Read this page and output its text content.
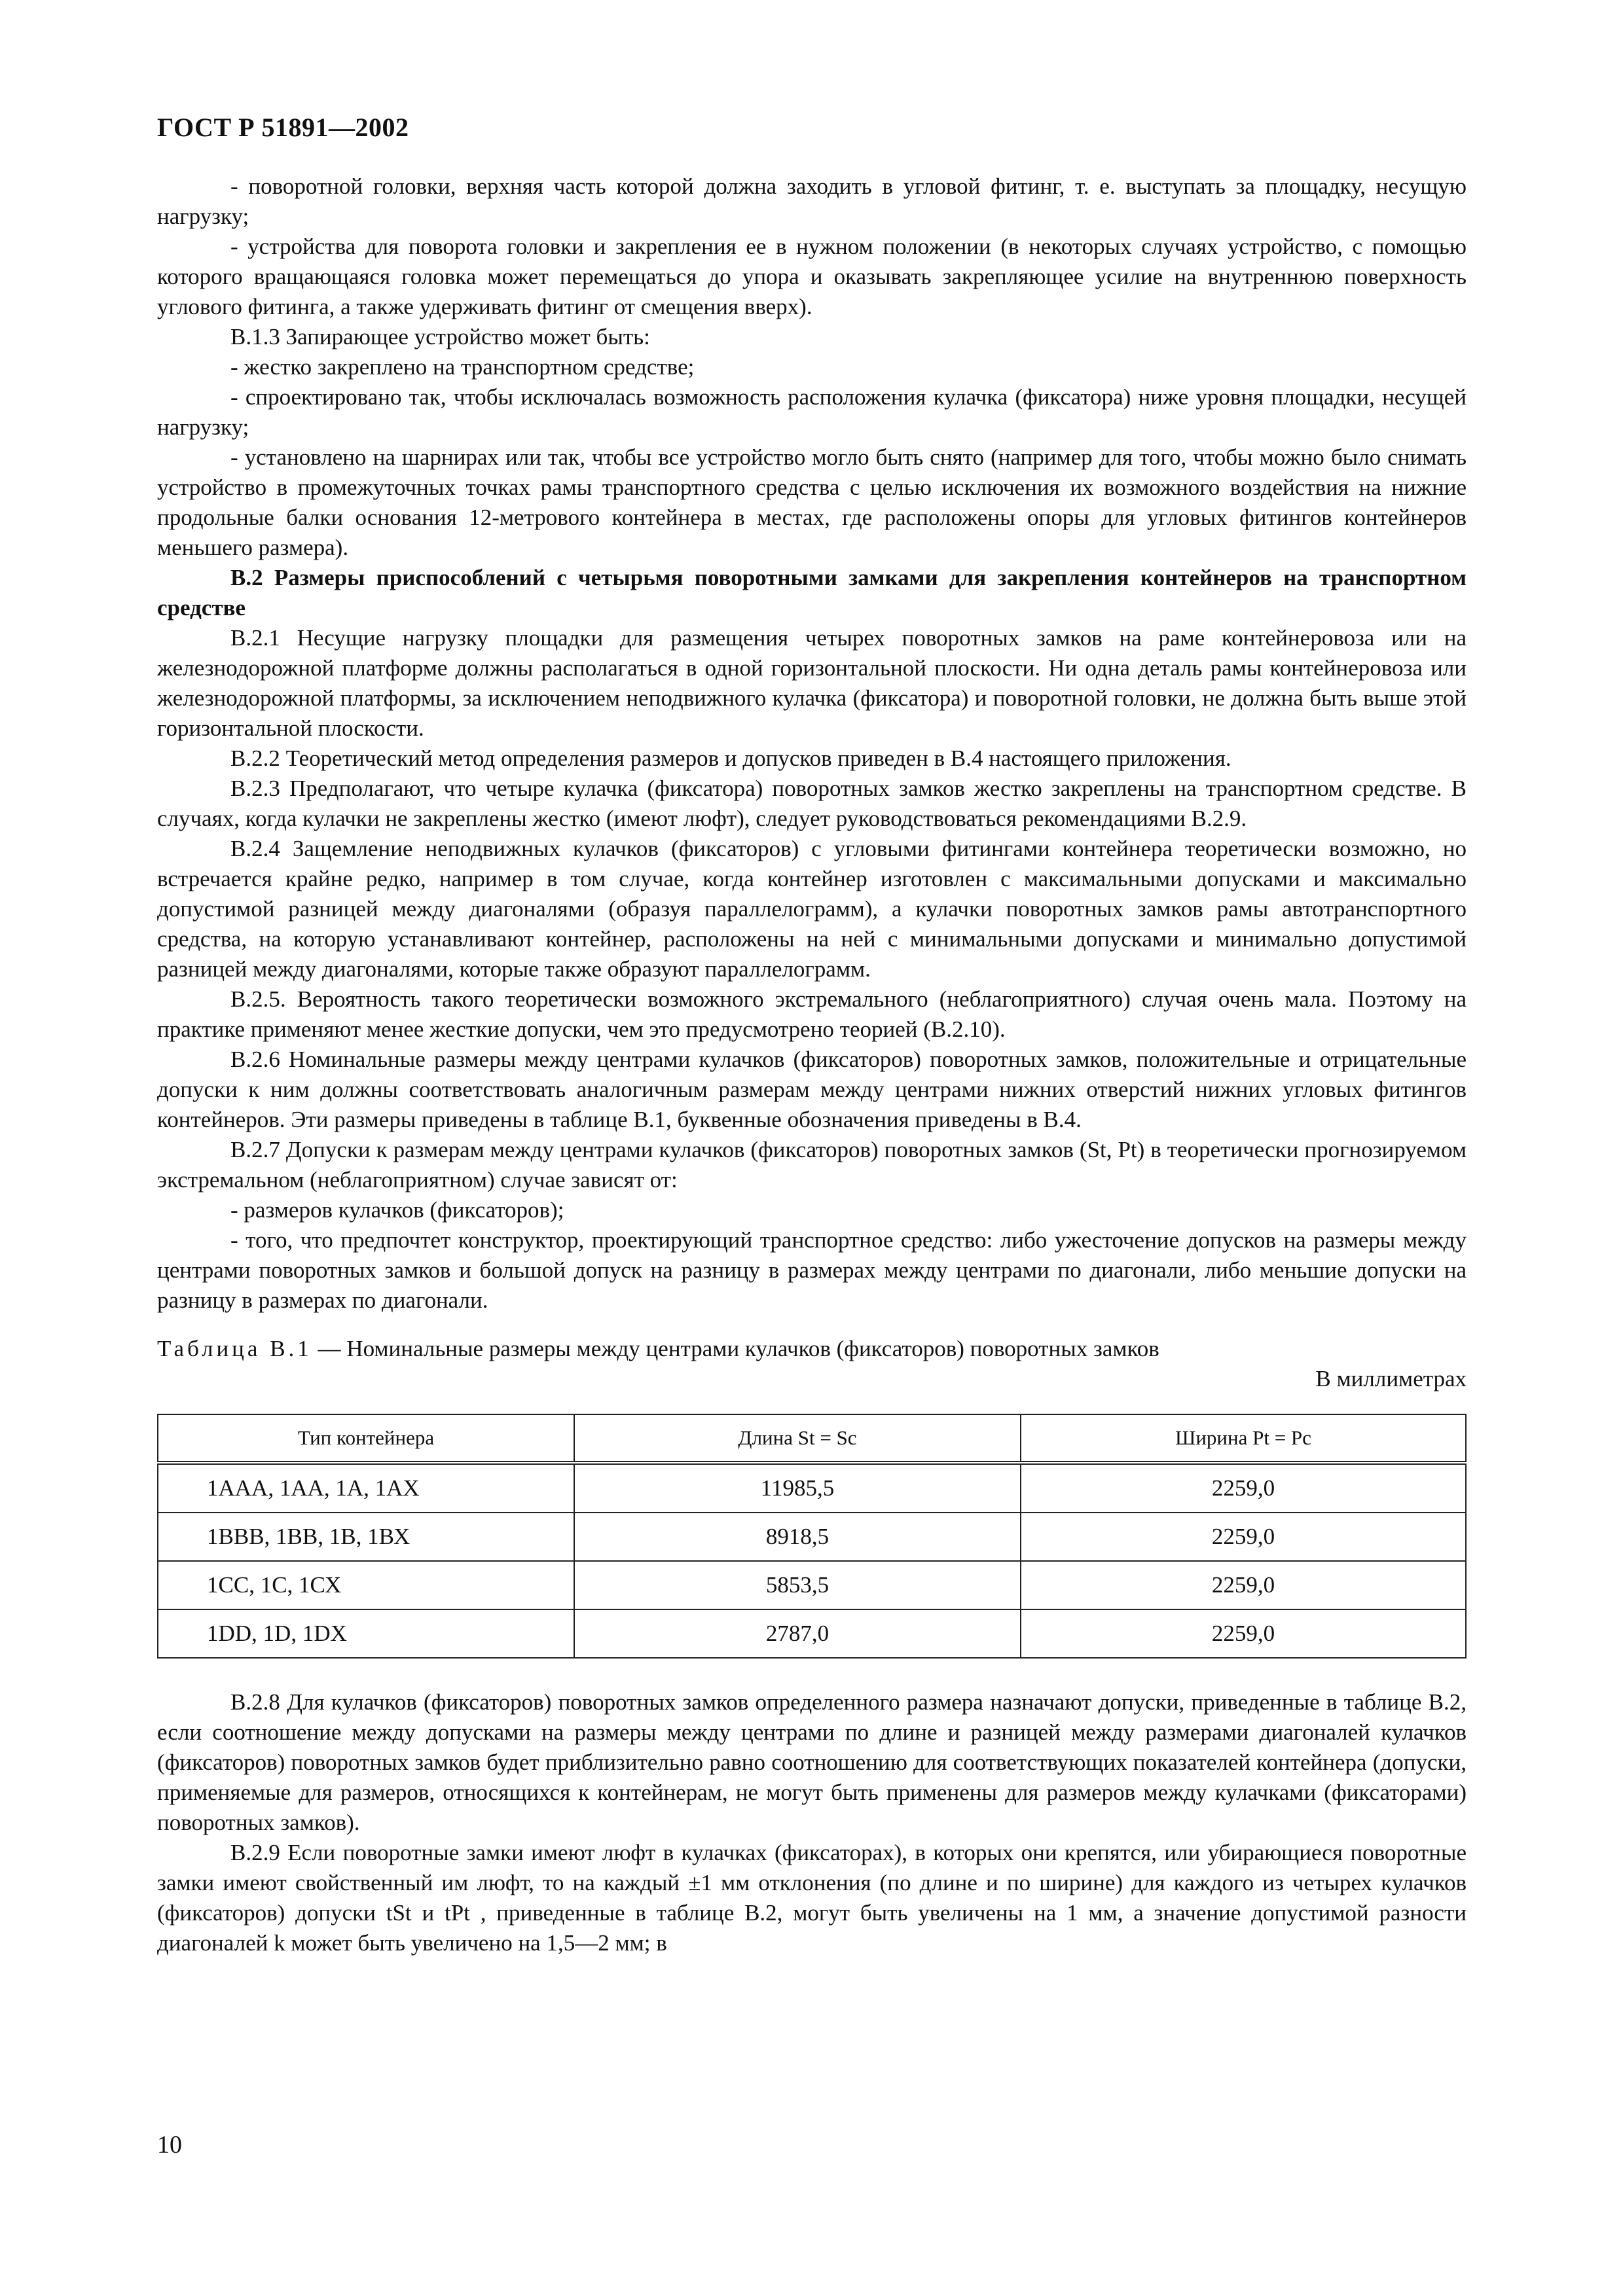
ГОСТ Р 51891—2002

- поворотной головки, верхняя часть которой должна заходить в угловой фитинг, т. е. выступать за площадку, несущую нагрузку;

- устройства для поворота головки и закрепления ее в нужном положении (в некоторых случаях устройство, с помощью которого вращающаяся головка может перемещаться до упора и оказывать закрепляющее усилие на внутреннюю поверхность углового фитинга, а также удерживать фитинг от смещения вверх).

В.1.3 Запирающее устройство может быть:

- жестко закреплено на транспортном средстве;

- спроектировано так, чтобы исключалась возможность расположения кулачка (фиксатора) ниже уровня площадки, несущей нагрузку;

- установлено на шарнирах или так, чтобы все устройство могло быть снято (например для того, чтобы можно было снимать устройство в промежуточных точках рамы транспортного средства с целью исключения их возможного воздействия на нижние продольные балки основания 12-метрового контейнера в местах, где расположены опоры для угловых фитингов контейнеров меньшего размера).

В.2 Размеры приспособлений с четырьмя поворотными замками для закрепления контейнеров на транспортном средстве

В.2.1 Несущие нагрузку площадки для размещения четырех поворотных замков на раме контейнеровоза или на железнодорожной платформе должны располагаться в одной горизонтальной плоскости. Ни одна деталь рамы контейнеровоза или железнодорожной платформы, за исключением неподвижного кулачка (фиксатора) и поворотной головки, не должна быть выше этой горизонтальной плоскости.

В.2.2 Теоретический метод определения размеров и допусков приведен в В.4 настоящего приложения.

В.2.3 Предполагают, что четыре кулачка (фиксатора) поворотных замков жестко закреплены на транспортном средстве. В случаях, когда кулачки не закреплены жестко (имеют люфт), следует руководствоваться рекомендациями В.2.9.

В.2.4 Защемление неподвижных кулачков (фиксаторов) с угловыми фитингами контейнера теоретически возможно, но встречается крайне редко, например в том случае, когда контейнер изготовлен с максимальными допусками и максимально допустимой разницей между диагоналями (образуя параллелограмм), а кулачки поворотных замков рамы автотранспортного средства, на которую устанавливают контейнер, расположены на ней с минимальными допусками и минимально допустимой разницей между диагоналями, которые также образуют параллелограмм.

В.2.5. Вероятность такого теоретически возможного экстремального (неблагоприятного) случая очень мала. Поэтому на практике применяют менее жесткие допуски, чем это предусмотрено теорией (В.2.10).

В.2.6 Номинальные размеры между центрами кулачков (фиксаторов) поворотных замков, положительные и отрицательные допуски к ним должны соответствовать аналогичным размерам между центрами нижних отверстий нижних угловых фитингов контейнеров. Эти размеры приведены в таблице В.1, буквенные обозначения приведены в В.4.

В.2.7 Допуски к размерам между центрами кулачков (фиксаторов) поворотных замков (St, Pt) в теоретически прогнозируемом экстремальном (неблагоприятном) случае зависят от:

- размеров кулачков (фиксаторов);

- того, что предпочтет конструктор, проектирующий транспортное средство: либо ужесточение допусков на размеры между центрами поворотных замков и большой допуск на разницу в размерах между центрами по диагонали, либо меньшие допуски на разницу в размерах по диагонали.

Таблица В.1 — Номинальные размеры между центрами кулачков (фиксаторов) поворотных замков

В миллиметрах
Тип контейнера	Длина St = Sc	Ширина Pt = Pc
1ААА, 1АА, 1А, 1АХ	11985,5	2259,0
1ВВВ, 1ВВ, 1В, 1ВХ	8918,5	2259,0
1СС, 1С, 1СХ	5853,5	2259,0
1DD, 1D, 1DX	2787,0	2259,0

В.2.8 Для кулачков (фиксаторов) поворотных замков определенного размера назначают допуски, приведенные в таблице В.2, если соотношение между допусками на размеры между центрами по длине и разницей между размерами диагоналей кулачков (фиксаторов) поворотных замков будет приблизительно равно соотношению для соответствующих показателей контейнера (допуски, применяемые для размеров, относящихся к контейнерам, не могут быть применены для размеров между кулачками (фиксаторами) поворотных замков).

В.2.9 Если поворотные замки имеют люфт в кулачках (фиксаторах), в которых они крепятся, или убирающиеся поворотные замки имеют свойственный им люфт, то на каждый ±1 мм отклонения (по длине и по ширине) для каждого из четырех кулачков (фиксаторов) допуски tSt и tPt , приведенные в таблице В.2, могут быть увеличены на 1 мм, а значение допустимой разности диагоналей k может быть увеличено на 1,5—2 мм; в

10
